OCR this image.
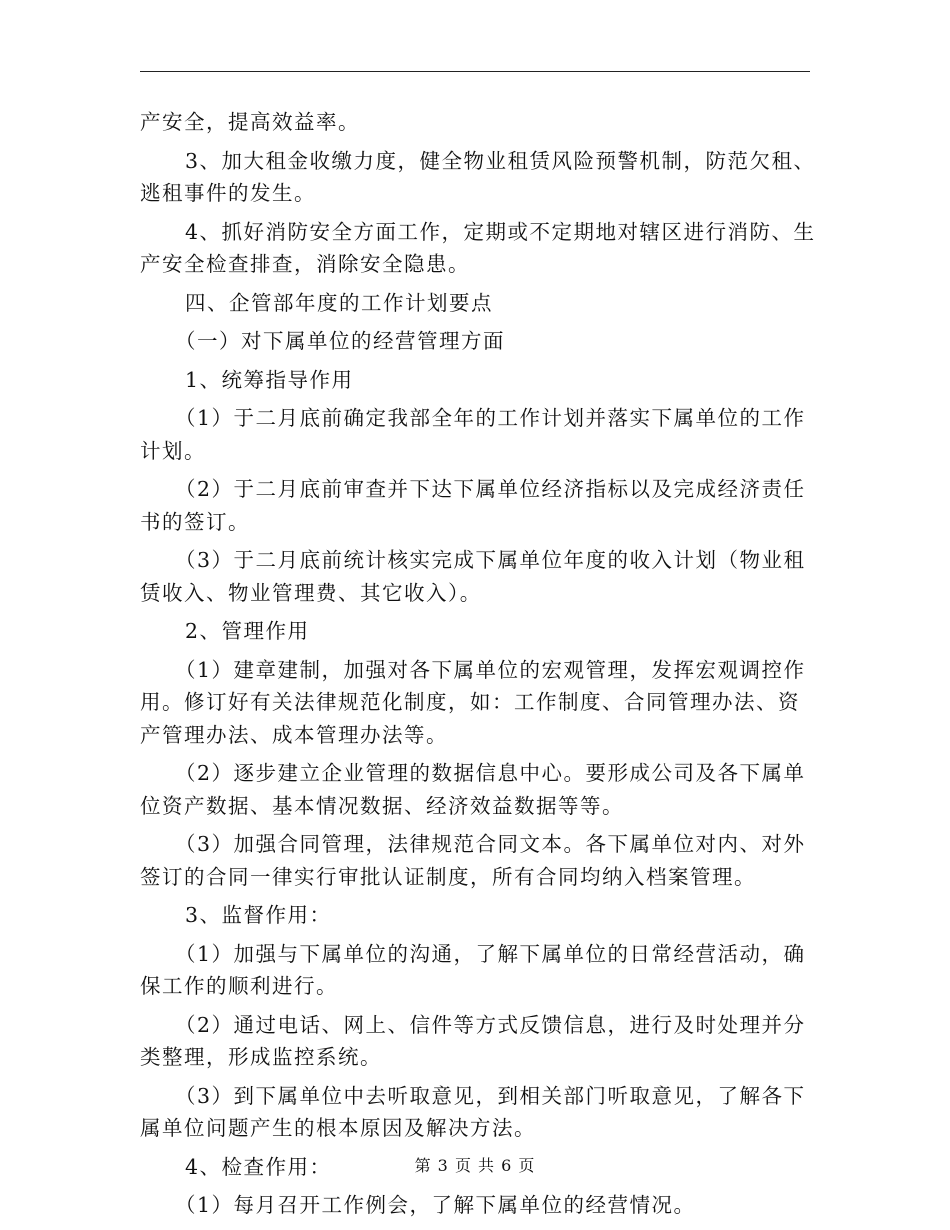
产安全，提高效益率。
3、加大租金收缴力度，健全物业租赁风险预警机制，防范欠租、
逃租事件的发生。
4、抓好消防安全方面工作，定期或不定期地对辖区进行消防、生
产安全检查排查，消除安全隐患。
四、企管部年度的工作计划要点
（一）对下属单位的经营管理方面
1、统筹指导作用
（1）于二月底前确定我部全年的工作计划并落实下属单位的工作
计划。
（2）于二月底前审查并下达下属单位经济指标以及完成经济责任
书的签订。
（3）于二月底前统计核实完成下属单位年度的收入计划（物业租
赁收入、物业管理费、其它收入）。
2、管理作用
（1）建章建制，加强对各下属单位的宏观管理，发挥宏观调控作
用。修订好有关法律规范化制度，如：工作制度、合同管理办法、资
产管理办法、成本管理办法等。
（2）逐步建立企业管理的数据信息中心。要形成公司及各下属单
位资产数据、基本情况数据、经济效益数据等等。
（3）加强合同管理，法律规范合同文本。各下属单位对内、对外
签订的合同一律实行审批认证制度，所有合同均纳入档案管理。
3、监督作用：
（1）加强与下属单位的沟通，了解下属单位的日常经营活动，确
保工作的顺利进行。
（2）通过电话、网上、信件等方式反馈信息，进行及时处理并分
类整理，形成监控系统。
（3）到下属单位中去听取意见，到相关部门听取意见，了解各下
属单位问题产生的根本原因及解决方法。
4、检查作用：
（1）每月召开工作例会，了解下属单位的经营情况。
第 3 页 共 6 页
